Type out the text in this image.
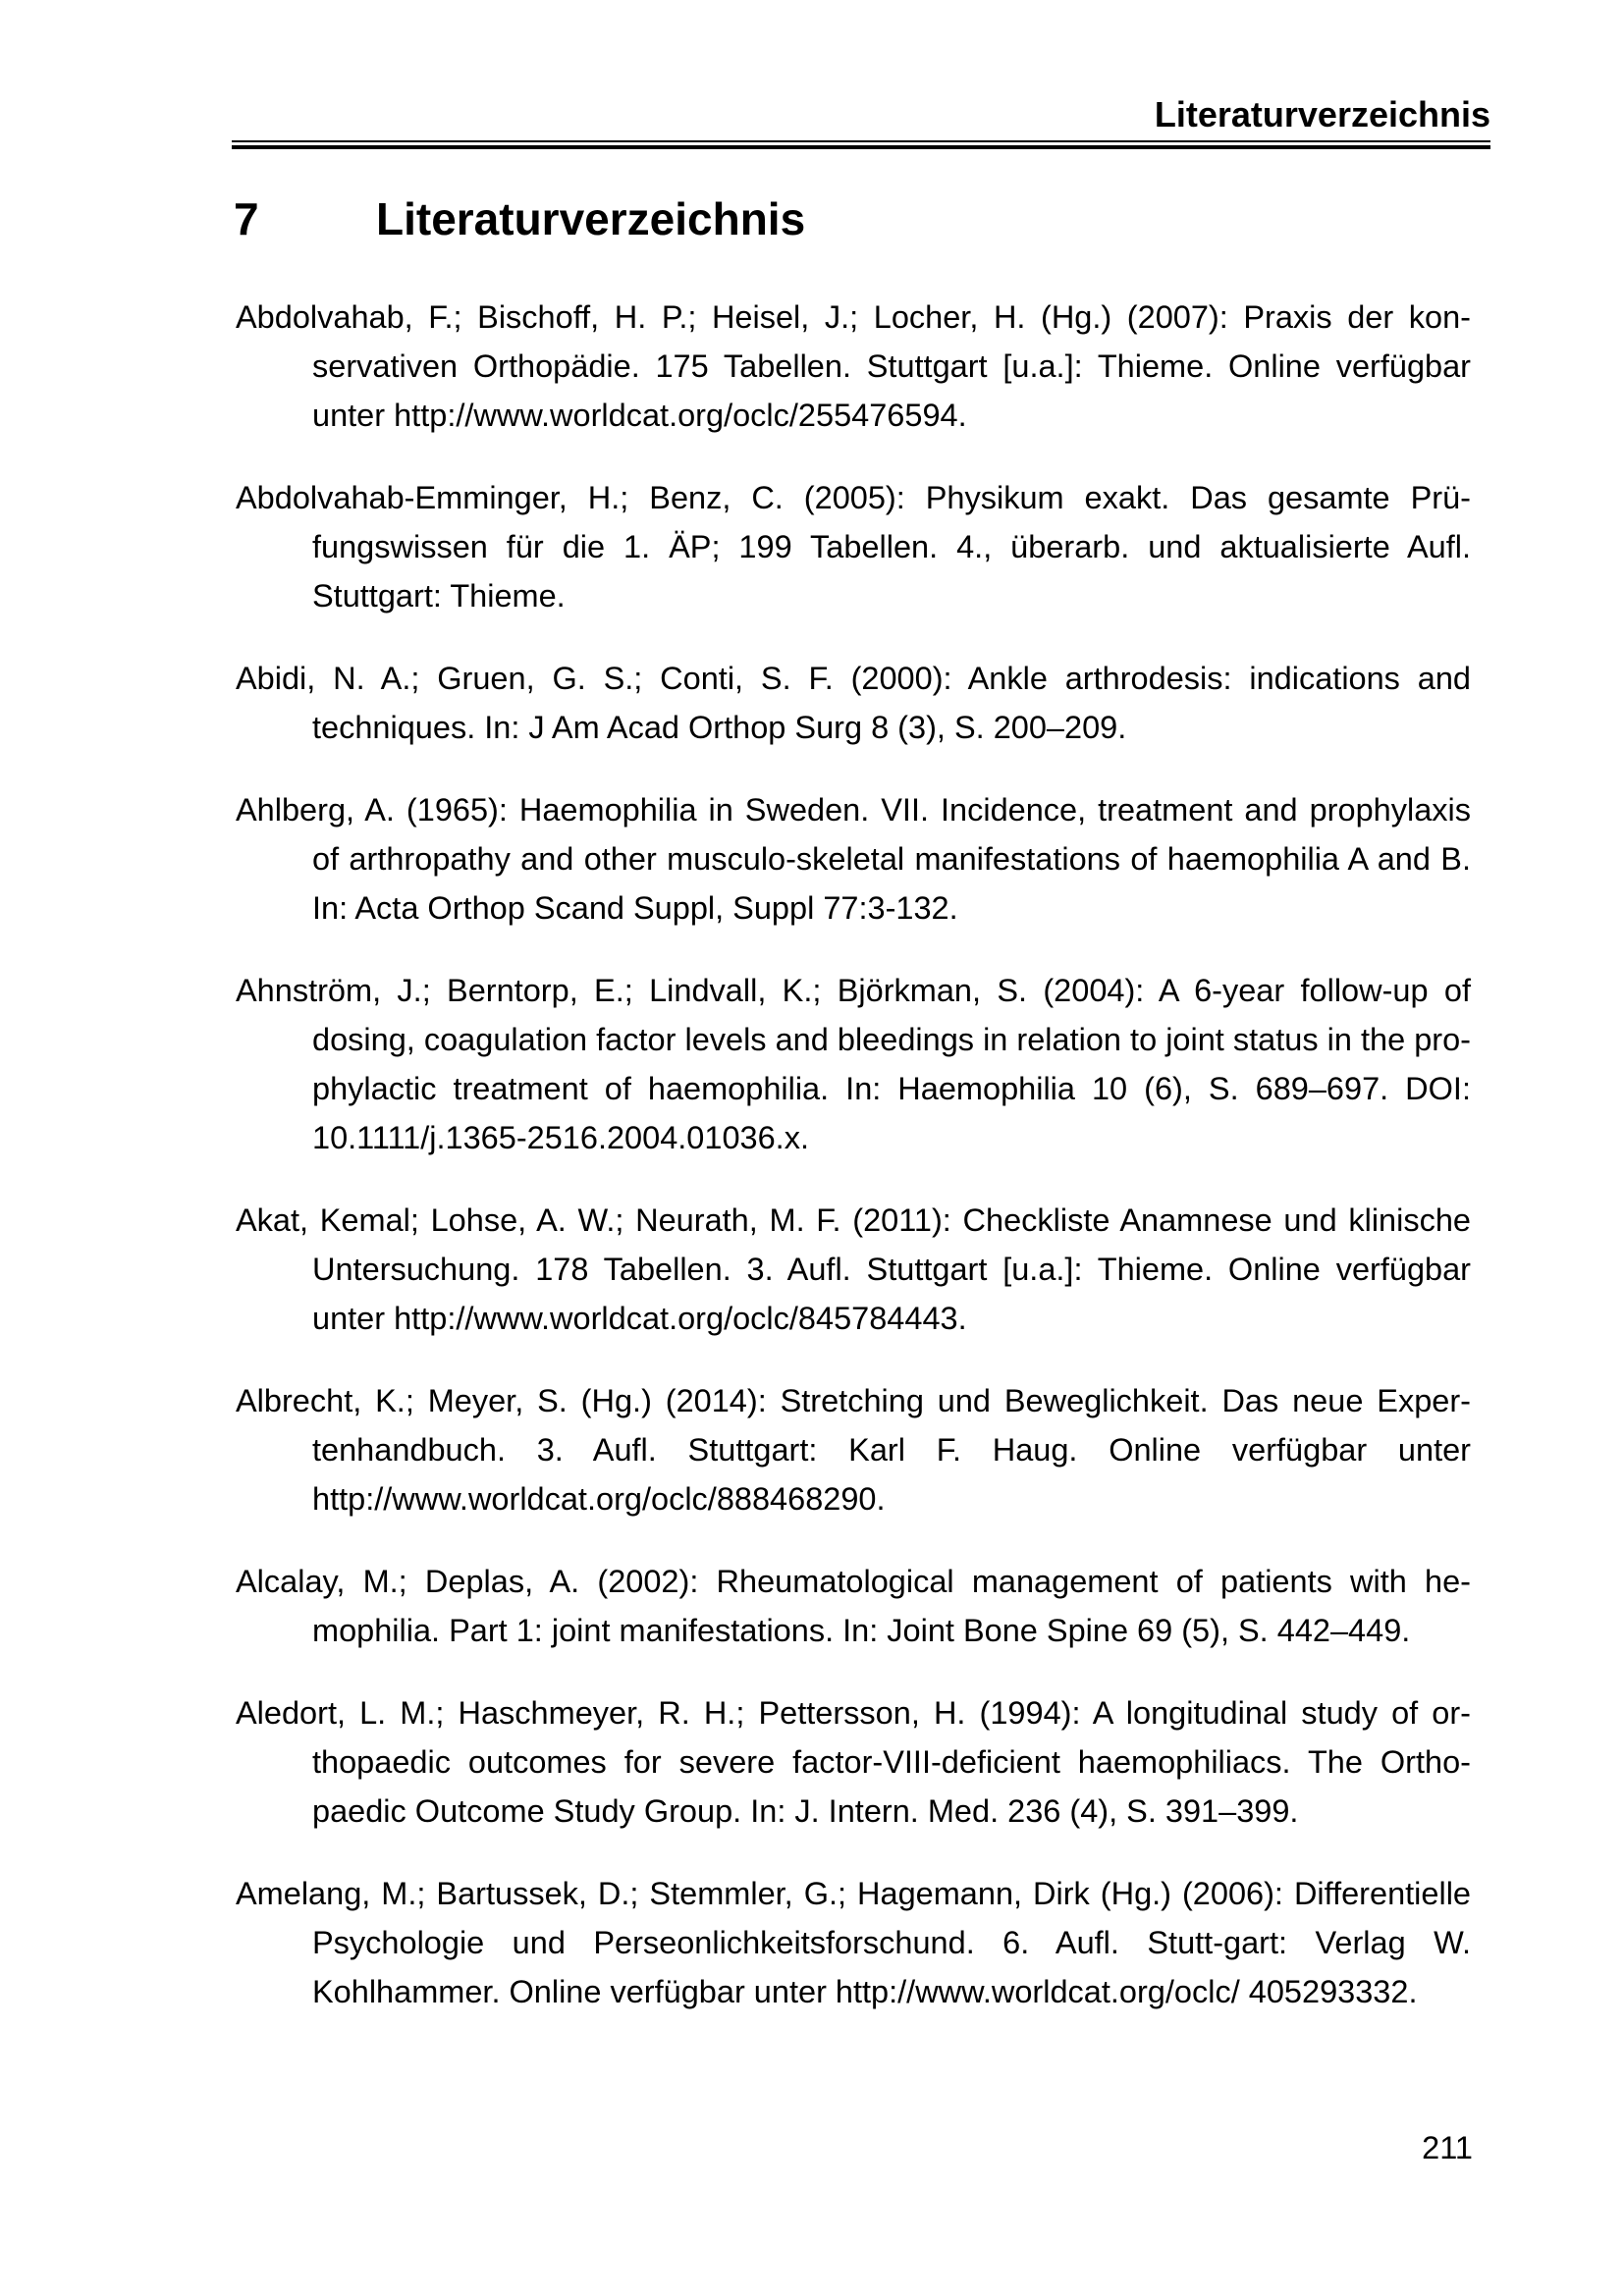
Literaturverzeichnis
7	Literaturverzeichnis
Abdolvahab, F.; Bischoff, H. P.; Heisel, J.; Locher, H. (Hg.) (2007): Praxis der konservativen Orthopädie. 175 Tabellen. Stuttgart [u.a.]: Thieme. Online verfügbar unter http://www.worldcat.org/oclc/255476594.
Abdolvahab-Emminger, H.; Benz, C. (2005): Physikum exakt. Das gesamte Prüfungswissen für die 1. ÄP; 199 Tabellen. 4., überarb. und aktualisierte Aufl. Stuttgart: Thieme.
Abidi, N. A.; Gruen, G. S.; Conti, S. F. (2000): Ankle arthrodesis: indications and techniques. In: J Am Acad Orthop Surg 8 (3), S. 200–209.
Ahlberg, A. (1965): Haemophilia in Sweden. VII. Incidence, treatment and prophylaxis of arthropathy and other musculo-skeletal manifestations of haemophilia A and B. In: Acta Orthop Scand Suppl, Suppl 77:3-132.
Ahnström, J.; Berntorp, E.; Lindvall, K.; Björkman, S. (2004): A 6-year follow-up of dosing, coagulation factor levels and bleedings in relation to joint status in the pro-phylactic treatment of haemophilia. In: Haemophilia 10 (6), S. 689–697. DOI: 10.1111/j.1365-2516.2004.01036.x.
Akat, Kemal; Lohse, A. W.; Neurath, M. F. (2011): Checkliste Anamnese und klinische Untersuchung. 178 Tabellen. 3. Aufl. Stuttgart [u.a.]: Thieme. Online verfügbar unter http://www.worldcat.org/oclc/845784443.
Albrecht, K.; Meyer, S. (Hg.) (2014): Stretching und Beweglichkeit. Das neue Expertenhandbuch. 3. Aufl. Stuttgart: Karl F. Haug. Online verfügbar unter http://www.worldcat.org/oclc/888468290.
Alcalay, M.; Deplas, A. (2002): Rheumatological management of patients with hemophilia. Part 1: joint manifestations. In: Joint Bone Spine 69 (5), S. 442–449.
Aledort, L. M.; Haschmeyer, R. H.; Pettersson, H. (1994): A longitudinal study of orthopaedic outcomes for severe factor-VIII-deficient haemophiliacs. The Orthopaedic Outcome Study Group. In: J. Intern. Med. 236 (4), S. 391–399.
Amelang, M.; Bartussek, D.; Stemmler, G.; Hagemann, Dirk (Hg.) (2006): Differentielle Psychologie und Perseonlichkeitsforschund. 6. Aufl. Stutt-gart: Verlag W. Kohlhammer. Online verfügbar unter http://www.worldcat.org/oclc/ 405293332.
211
